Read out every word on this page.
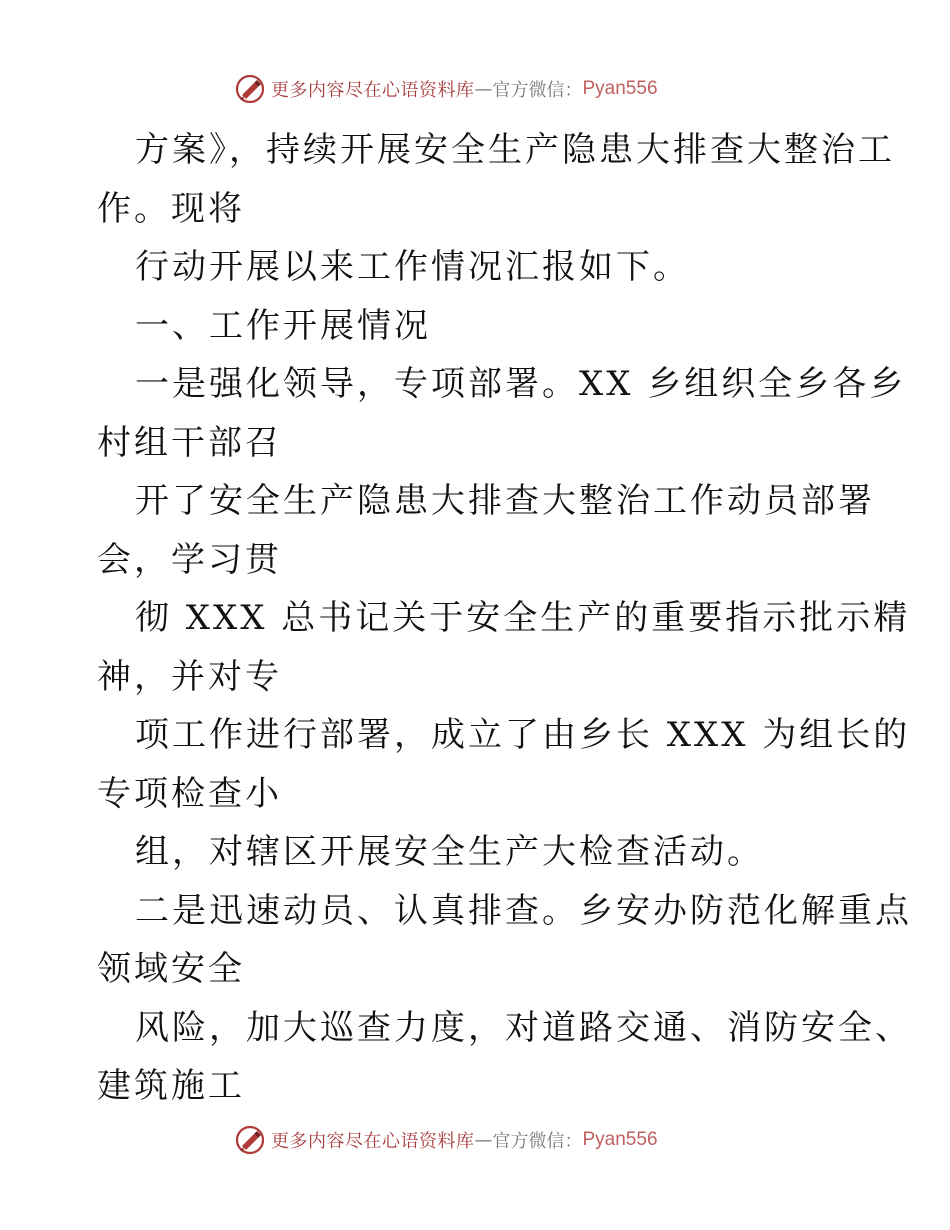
更多内容尽在心语资料库 — 官方微信： Pyan556
方案》，持续开展安全生产隐患大排查大整治工
作。现将
行动开展以来工作情况汇报如下。
一、工作开展情况
一是强化领导，专项部署。XX 乡组织全乡各乡
村组干部召
开了安全生产隐患大排查大整治工作动员部署
会，学习贯
彻 XXX 总书记关于安全生产的重要指示批示精
神，并对专
项工作进行部署，成立了由乡长 XXX 为组长的
专项检查小
组，对辖区开展安全生产大检查活动。
二是迅速动员、认真排查。乡安办防范化解重点
领域安全
风险，加大巡查力度，对道路交通、消防安全、
建筑施工
更多内容尽在心语资料库 — 官方微信： Pyan556
